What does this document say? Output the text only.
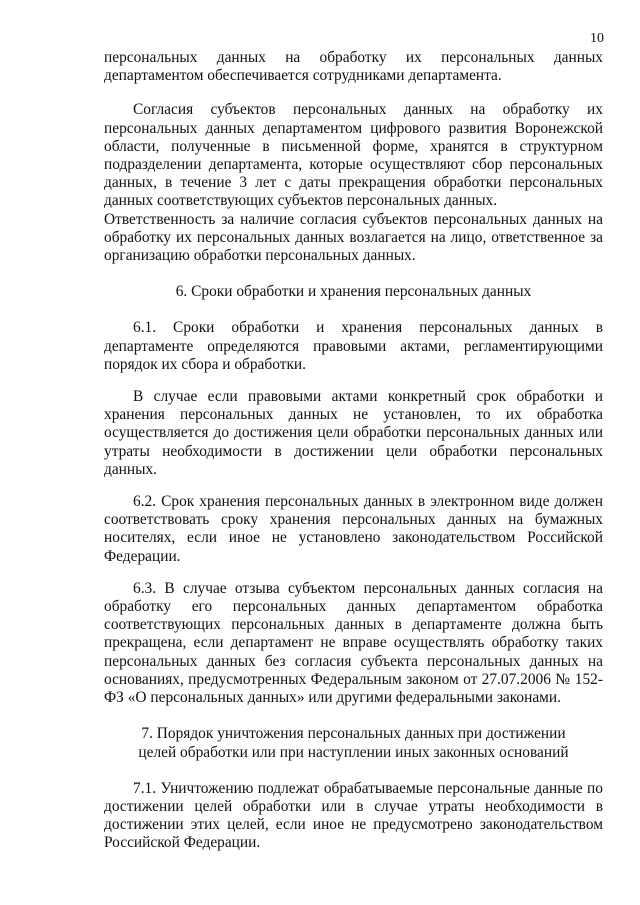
10

персональных данных на обработку их персональных данных департаментом обеспечивается сотрудниками департамента.

Согласия субъектов персональных данных на обработку их персональных данных департаментом цифрового развития Воронежской области, полученные в письменной форме, хранятся в структурном подразделении департамента, которые осуществляют сбор персональных данных, в течение 3 лет с даты прекращения обработки персональных данных соответствующих субъектов персональных данных.

Ответственность за наличие согласия субъектов персональных данных на обработку их персональных данных возлагается на лицо, ответственное за организацию обработки персональных данных.

6. Сроки обработки и хранения персональных данных

6.1. Сроки обработки и хранения персональных данных в департаменте определяются правовыми актами, регламентирующими порядок их сбора и обработки.

В случае если правовыми актами конкретный срок обработки и хранения персональных данных не установлен, то их обработка осуществляется до достижения цели обработки персональных данных или утраты необходимости в достижении цели обработки персональных данных.

6.2. Срок хранения персональных данных в электронном виде должен соответствовать сроку хранения персональных данных на бумажных носителях, если иное не установлено законодательством Российской Федерации.

6.3. В случае отзыва субъектом персональных данных согласия на обработку его персональных данных департаментом обработка соответствующих персональных данных в департаменте должна быть прекращена, если департамент не вправе осуществлять обработку таких персональных данных без согласия субъекта персональных данных на основаниях, предусмотренных Федеральным законом от 27.07.2006 № 152-ФЗ «О персональных данных» или другими федеральными законами.

7. Порядок уничтожения персональных данных при достижении

целей обработки или при наступлении иных законных оснований

7.1. Уничтожению подлежат обрабатываемые персональные данные по достижении целей обработки или в случае утраты необходимости в достижении этих целей, если иное не предусмотрено законодательством Российской Федерации.
